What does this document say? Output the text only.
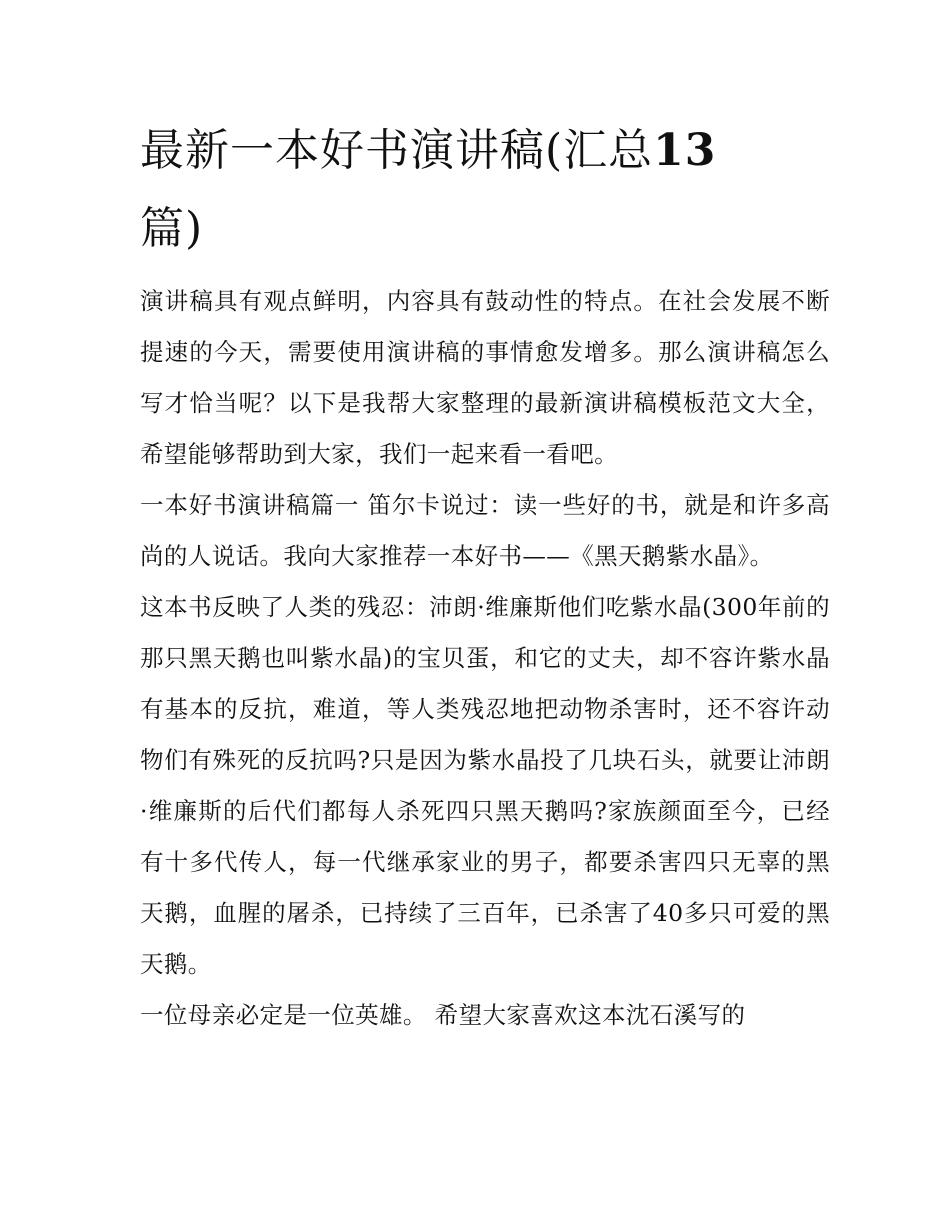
最新一本好书演讲稿(汇总13
篇)

演讲稿具有观点鲜明，内容具有鼓动性的特点。在社会发展不断提速的今天，需要使用演讲稿的事情愈发增多。那么演讲稿怎么写才恰当呢？以下是我帮大家整理的最新演讲稿模板范文大全，希望能够帮助到大家，我们一起来看一看吧。

一本好书演讲稿篇一 笛尔卡说过：读一些好的书，就是和许多高尚的人说话。我向大家推荐一本好书——《黑天鹅紫水晶》。

这本书反映了人类的残忍：沛朗·维廉斯他们吃紫水晶(300年前的那只黑天鹅也叫紫水晶)的宝贝蛋，和它的丈夫，却不容许紫水晶有基本的反抗，难道，等人类残忍地把动物杀害时，还不容许动物们有殊死的反抗吗?只是因为紫水晶投了几块石头，就要让沛朗·维廉斯的后代们都每人杀死四只黑天鹅吗?家族颜面至今，已经有十多代传人，每一代继承家业的男子，都要杀害四只无辜的黑天鹅，血腥的屠杀，已持续了三百年，已杀害了40多只可爱的黑天鹅。

一位母亲必定是一位英雄。 希望大家喜欢这本沈石溪写的
